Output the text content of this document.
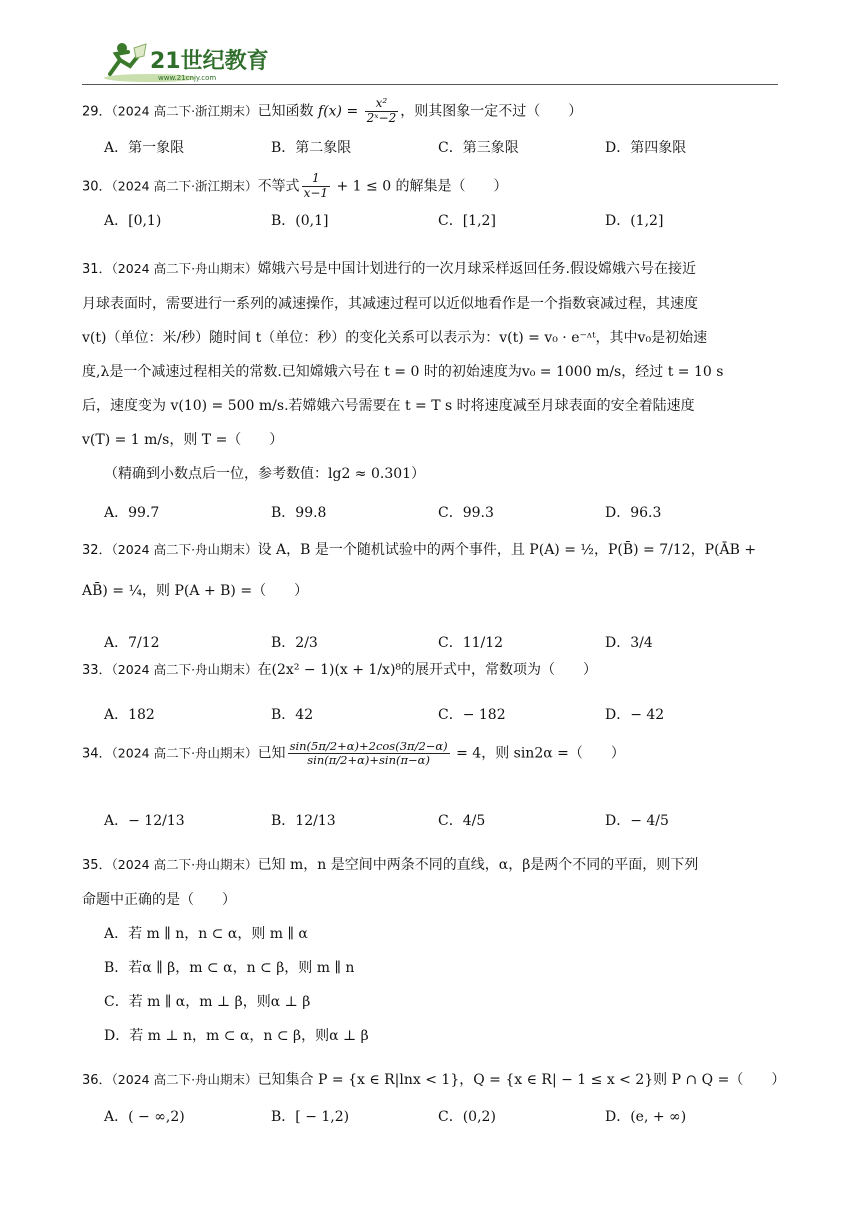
21世纪教育
www.21cnjy.com
29．（2024 高二下·浙江期末）已知函数 $f(x) = \frac{\text{x²}}{\text{2ˣ−2}}$ ，则其图象一定不过（　　）
A．第一象限	B．第二象限	C．第三象限	D．第四象限
30．（2024 高二下·浙江期末）不等式 $\frac{1}{x-1} + 1 \le 0$ 的解集是（　　）
A．[0,1)	B．(0,1]	C．[1,2]	D．(1,2]
31．（2024 高二下·舟山期末）嫦娥六号是中国计划进行的一次月球采样返回任务.假设嫦娥六号在接近
月球表面时，需要进行一系列的减速操作，其减速过程可以近似地看作是一个指数衰减过程，其速度
v(t)（单位：米/秒）随时间 t（单位：秒）的变化关系可以表示为：v(t) = v₀ · e⁻ᶺᵗ，其中v₀是初始速
度,λ是一个减速过程相关的常数.已知嫦娥六号在 t = 0 时的初始速度为v₀ = 1000 m/s，经过 t = 10 s
后，速度变为 v(10) = 500 m/s.若嫦娥六号需要在 t = T s 时将速度减至月球表面的安全着陆速度
v(T) = 1 m/s，则 T =（　　）
（精确到小数点后一位，参考数值：lg2 ≈ 0.301）
A．99.7	B．99.8	C．99.3	D．96.3
32．（2024 高二下·舟山期末）设 A，B 是一个随机试验中的两个事件，且 P(A) = ½，P(B̄) = 7/12，P(ĀB +
AB̄) = ¼，则 P(A + B) =（　　）
A．7/12	B．2/3	C．11/12	D．3/4
33．（2024 高二下·舟山期末）在(2x² − 1)(x + 1/x)⁸的展开式中，常数项为（　　）
A．182	B．42	C．− 182	D．− 42
34．（2024 高二下·舟山期末）已知 $\frac{\sin(5\pi/2+\alpha)+2\cos(3\pi/2-\alpha)}{\sin(\pi/2+\alpha)+\sin(\pi-\alpha)} = 4$，则 sin2α =（　　）
A．− 12/13	B．12/13	C．4/5	D．− 4/5
35．（2024 高二下·舟山期末）已知 m，n 是空间中两条不同的直线，α，β是两个不同的平面，则下列
命题中正确的是（　　）
A．若 m ∥ n，n ⊂ α，则 m ∥ α
B．若α ∥ β，m ⊂ α，n ⊂ β，则 m ∥ n
C．若 m ∥ α，m ⊥ β，则α ⊥ β
D．若 m ⊥ n，m ⊂ α，n ⊂ β，则α ⊥ β
36．（2024 高二下·舟山期末）已知集合 P = {x ∈ R|lnx < 1}，Q = {x ∈ R| − 1 ≤ x < 2}则 P ∩ Q =（　　）
A．( − ∞,2)	B．[ − 1,2)	C．(0,2)	D．(e, + ∞)
